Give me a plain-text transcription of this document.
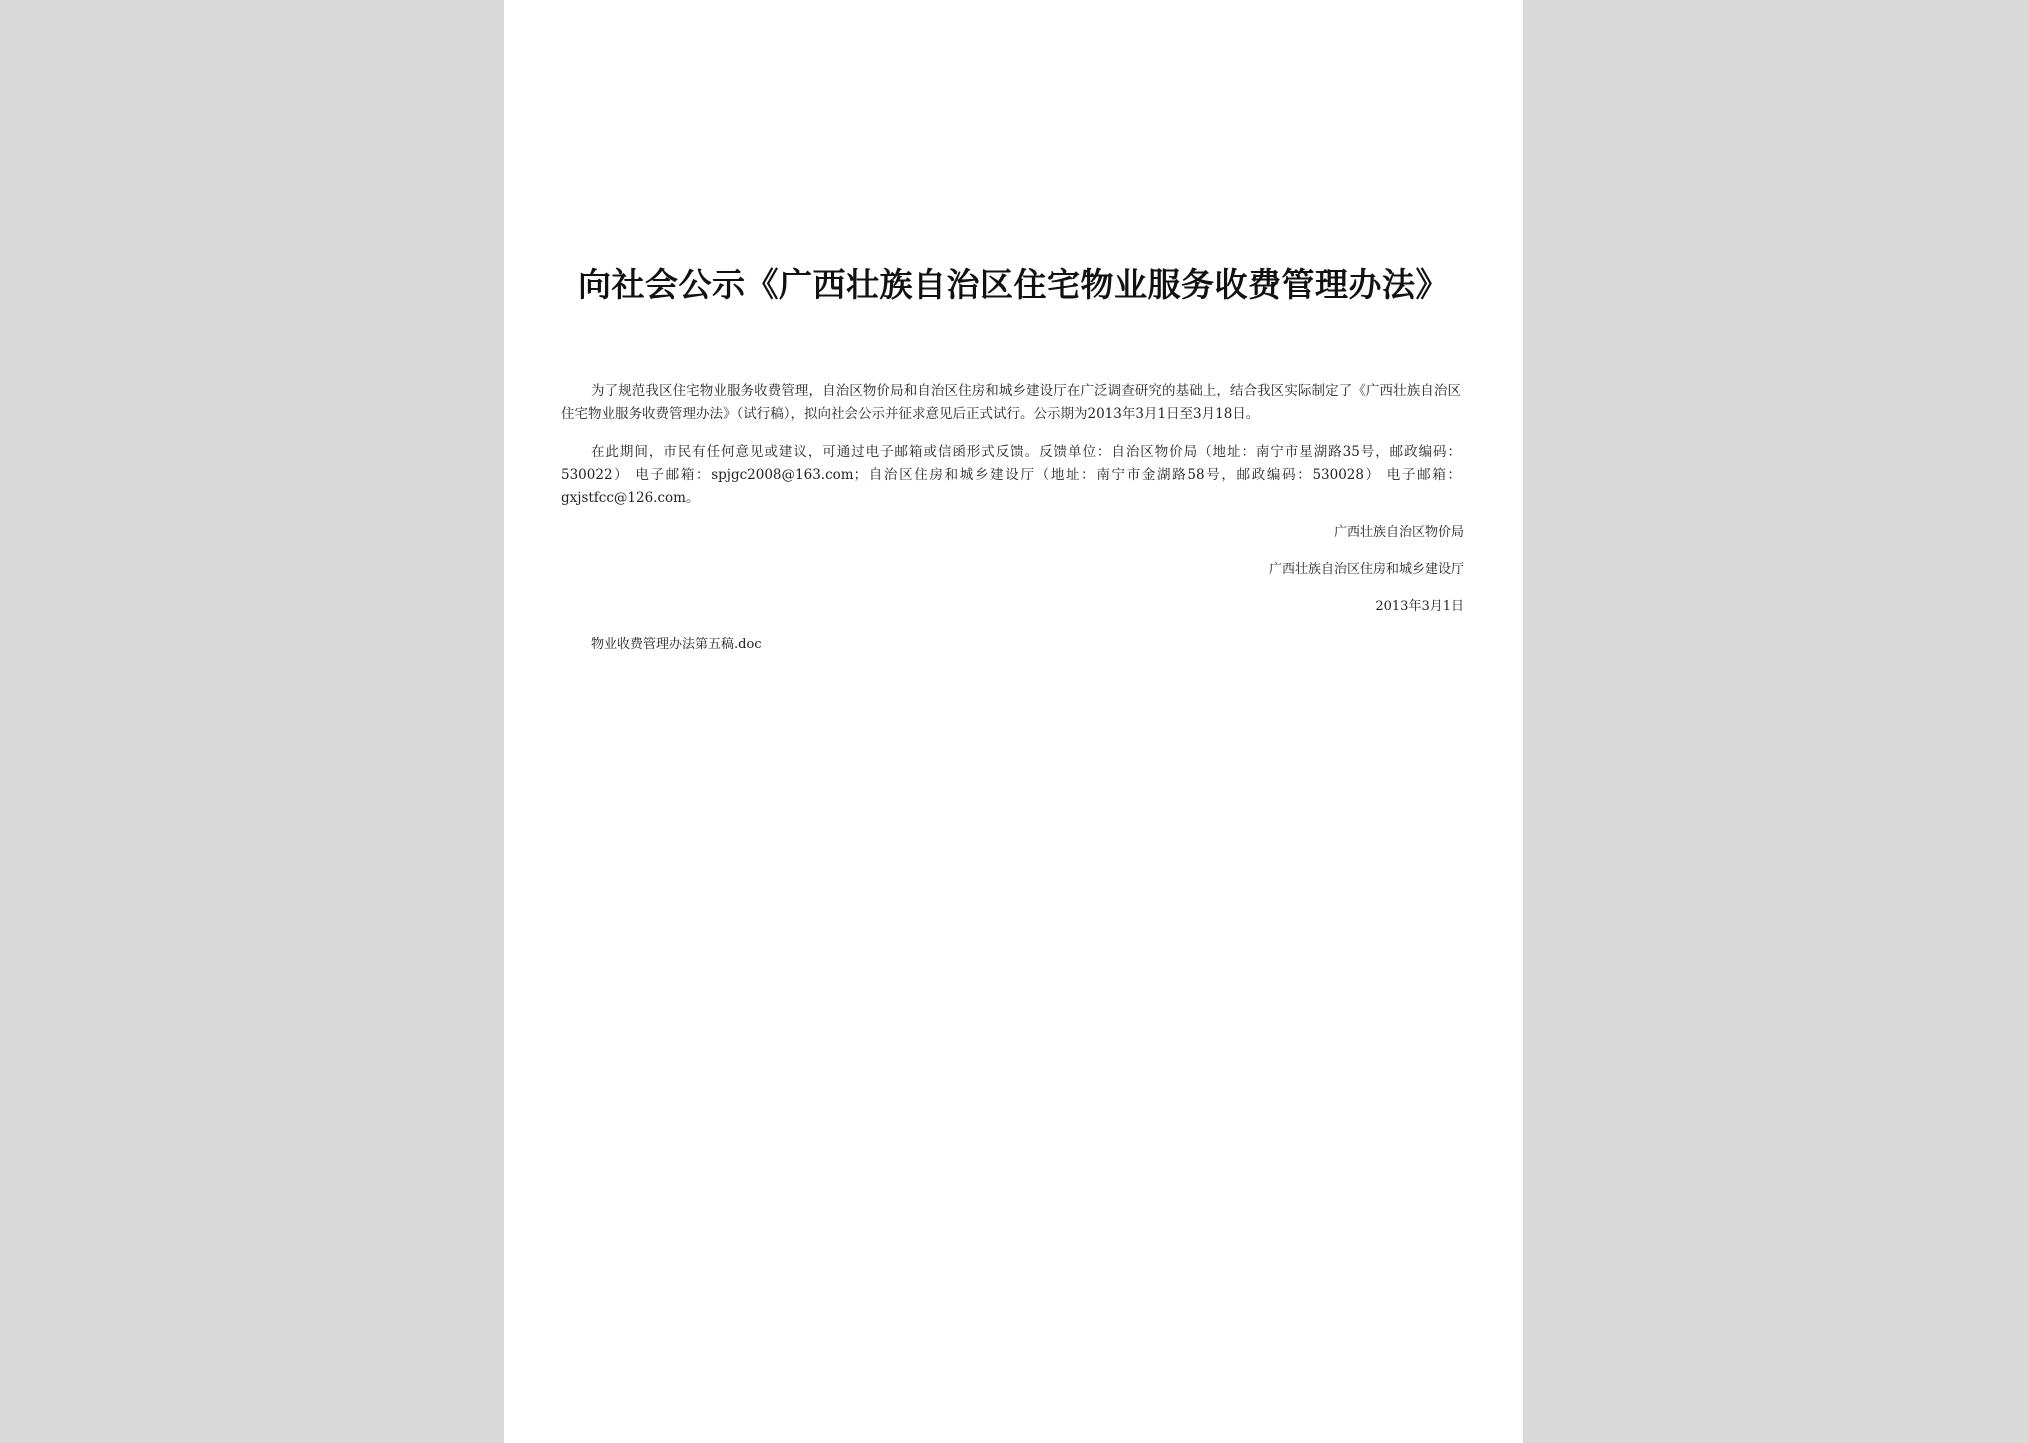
向社会公示《广西壮族自治区住宅物业服务收费管理办法》
为了规范我区住宅物业服务收费管理，自治区物价局和自治区住房和城乡建设厅在广泛调查研究的基础上，结合我区实际制定了《广西壮族自治区住宅物业服务收费管理办法》（试行稿），拟向社会公示并征求意见后正式试行。公示期为2013年3月1日至3月18日。
在此期间，市民有任何意见或建议，可通过电子邮箱或信函形式反馈。反馈单位：自治区物价局（地址：南宁市星湖路35号，邮政编码：530022） 电子邮箱：spjgc2008@163.com；自治区住房和城乡建设厅（地址：南宁市金湖路58号，邮政编码：530028） 电子邮箱：gxjstfcc@126.com。
广西壮族自治区物价局
广西壮族自治区住房和城乡建设厅
2013年3月1日
物业收费管理办法第五稿.doc
